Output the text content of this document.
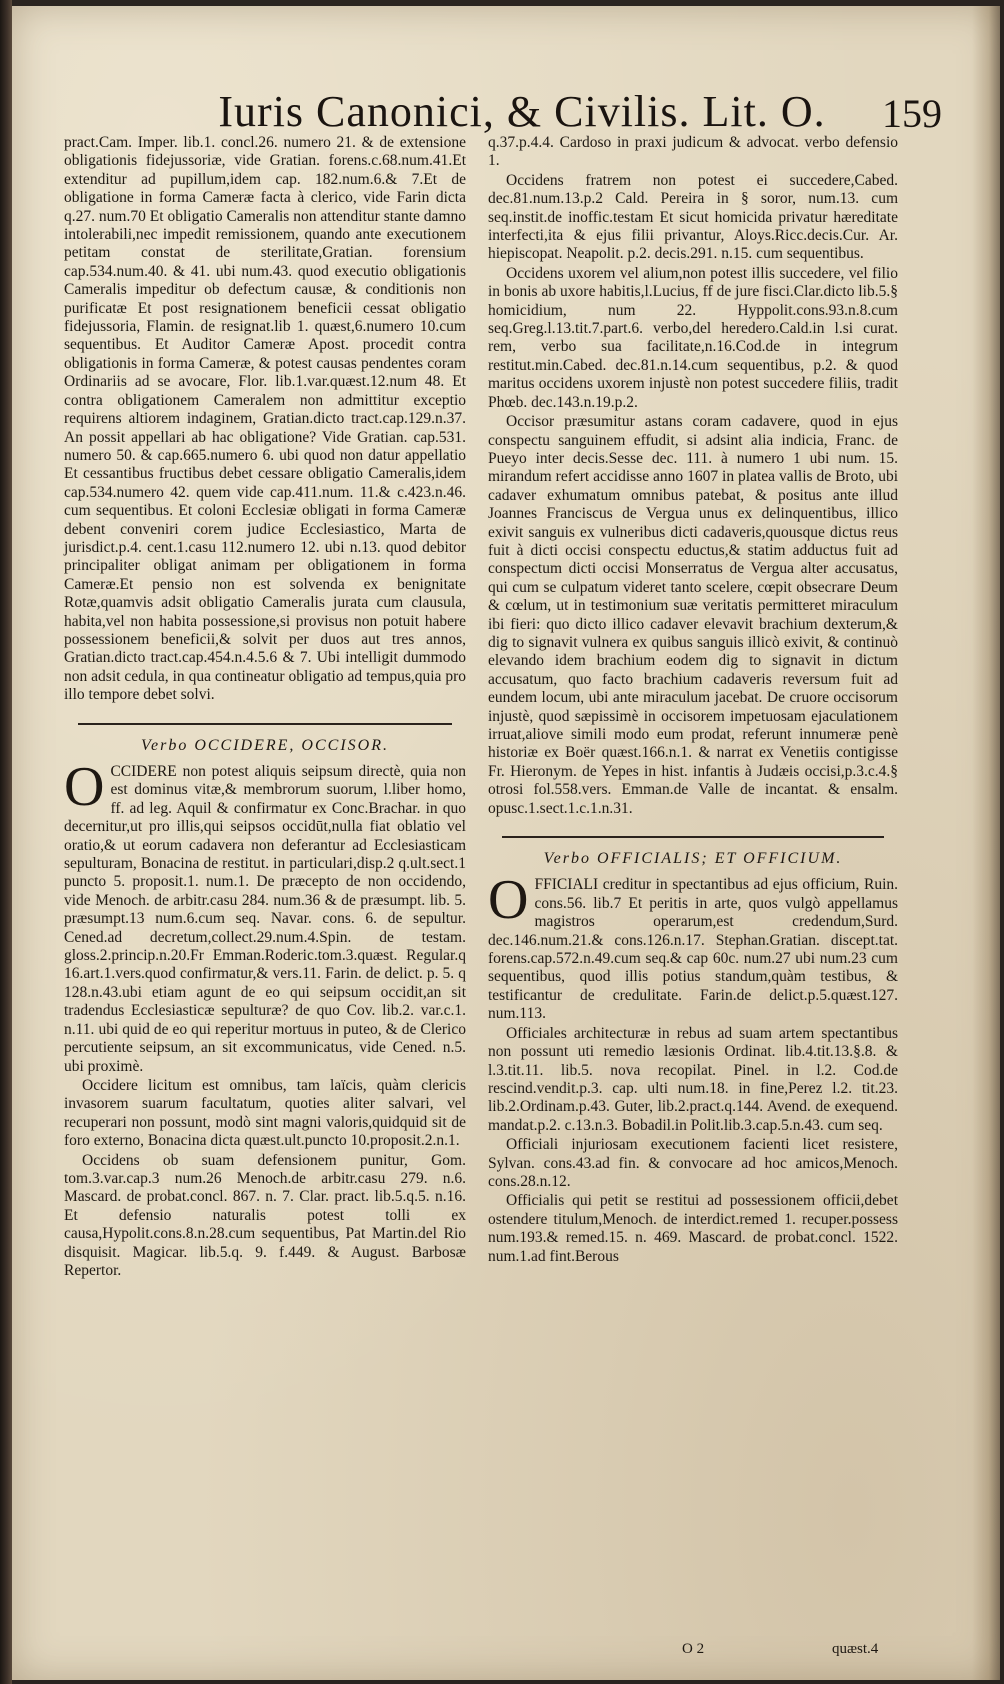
Iuris Canonici, & Civilis. Lit. O.	159

pract.Cam. Imper. lib.1. concl.26. numero 21. & de extensione obligationis fidejussoriæ, vide Gratian. forens.c.68.num.41.Et extenditur ad pupillum,idem cap. 182.num.6.& 7.Et de obligatione in forma Cameræ facta à clerico, vide Farin dicta q.27. num.70 Et obligatio Cameralis non attenditur stante damno intolerabili,nec impedit remissionem, quando ante executionem petitam constat de sterilitate,Gratian. forensium cap.534.num.40. & 41. ubi num.43. quod executio obligationis Cameralis impeditur ob defectum causæ, & conditionis non purificatæ Et post resignationem beneficii cessat obligatio fidejussoria, Flamin. de resignat.lib 1. quæst,6.numero 10.cum sequentibus. Et Auditor Cameræ Apost. procedit contra obligationis in forma Cameræ, & potest causas pendentes coram Ordinariis ad se avocare, Flor. lib.1.var.quæst.12.num 48. Et contra obligationem Cameralem non admittitur exceptio requirens altiorem indaginem, Gratian.dicto tract.cap.129.n.37. An possit appellari ab hac obligatione? Vide Gratian. cap.531. numero 50. & cap.665.numero 6. ubi quod non datur appellatio Et cessantibus fructibus debet cessare obligatio Cameralis,idem cap.534.numero 42. quem vide cap.411.num. 11.& c.423.n.46. cum sequentibus. Et coloni Ecclesiæ obligati in forma Cameræ debent conveniri corem judice Ecclesiastico, Marta de jurisdict.p.4. cent.1.casu 112.numero 12. ubi n.13. quod debitor principaliter obligat animam per obligationem in forma Cameræ.Et pensio non est solvenda ex benignitate Rotæ,quamvis adsit obligatio Cameralis jurata cum clausula, habita,vel non habita possessione,si provisus non potuit habere possessionem beneficii,& solvit per duos aut tres annos, Gratian.dicto tract.cap.454.n.4.5.6 & 7. Ubi intelligit dummodo non adsit cedula, in qua contineatur obligatio ad tempus,quia pro illo tempore debet solvi.

Verbo OCCIDERE, OCCISOR.

O CCIDERE non potest aliquis seipsum directè, quia non est dominus vitæ,& membrorum suorum, l.liber homo, ff. ad leg. Aquil & confirmatur ex Conc.Brachar. in quo decernitur,ut pro illis,qui seipsos occidūt,nulla fiat oblatio vel oratio,& ut eorum cadavera non deferantur ad Ecclesiasticam sepulturam, Bonacina de restitut. in particulari,disp.2 q.ult.sect.1 puncto 5. proposit.1. num.1. De præcepto de non occidendo, vide Menoch. de arbitr.casu 284. num.36 & de præsumpt. lib. 5. præsumpt.13 num.6.cum seq. Navar. cons. 6. de sepultur. Cened.ad decretum,collect.29.num.4.Spin. de testam. gloss.2.princip.n.20.Fr Emman.Roderic.tom.3.quæst. Regular.q 16.art.1.vers.quod confirmatur,& vers.11. Farin. de delict. p. 5. q 128.n.43.ubi etiam agunt de eo qui seipsum occidit,an sit tradendus Ecclesiasticæ sepulturæ? de quo Cov. lib.2. var.c.1. n.11. ubi quid de eo qui reperitur mortuus in puteo, & de Clerico percutiente seipsum, an sit excommunicatus, vide Cened. n.5. ubi proximè.

Occidere licitum est omnibus, tam laïcis, quàm clericis invasorem suarum facultatum, quoties aliter salvari, vel recuperari non possunt, modò sint magni valoris,quidquid sit de foro externo, Bonacina dicta quæst.ult.puncto 10.proposit.2.n.1.

Occidens ob suam defensionem punitur, Gom. tom.3.var.cap.3 num.26 Menoch.de arbitr.casu 279. n.6. Mascard. de probat.concl. 867. n. 7. Clar. pract. lib.5.q.5. n.16. Et defensio naturalis potest tolli ex causa,Hypolit.cons.8.n.28.cum sequentibus, Pat Martin.del Rio disquisit. Magicar. lib.5.q. 9. f.449. & August. Barbosæ Repertor.

q.37.p.4.4. Cardoso in praxi judicum & advocat. verbo defensio 1.

Occidens fratrem non potest ei succedere,Cabed. dec.81.num.13.p.2 Cald. Pereira in § soror, num.13. cum seq.instit.de inoffic.testam Et sicut homicida privatur hæreditate interfecti,ita & ejus filii privantur, Aloys.Ricc.decis.Cur. Ar. hiepiscopat. Neapolit. p.2. decis.291. n.15. cum sequentibus.

Occidens uxorem vel alium,non potest illis succedere, vel filio in bonis ab uxore habitis,l.Lucius, ff de jure fisci.Clar.dicto lib.5.§ homicidium, num 22. Hyppolit.cons.93.n.8.cum seq.Greg.l.13.tit.7.part.6. verbo,del heredero.Cald.in l.si curat. rem, verbo sua facilitate,n.16.Cod.de in integrum restitut.min.Cabed. dec.81.n.14.cum sequentibus, p.2. & quod maritus occidens uxorem injustè non potest succedere filiis, tradit Phœb. dec.143.n.19.p.2.

Occisor præsumitur astans coram cadavere, quod in ejus conspectu sanguinem effudit, si adsint alia indicia, Franc. de Pueyo inter decis.Sesse dec. 111. à numero 1 ubi num. 15. mirandum refert accidisse anno 1607 in platea vallis de Broto, ubi cadaver exhumatum omnibus patebat, & positus ante illud Joannes Franciscus de Vergua unus ex delinquentibus, illico exivit sanguis ex vulneribus dicti cadaveris,quousque dictus reus fuit à dicti occisi conspectu eductus,& statim adductus fuit ad conspectum dicti occisi Monserratus de Vergua alter accusatus, qui cum se culpatum videret tanto scelere, cœpit obsecrare Deum & cœlum, ut in testimonium suæ veritatis permitteret miraculum ibi fieri: quo dicto illico cadaver elevavit brachium dexterum,& dig to signavit vulnera ex quibus sanguis illicò exivit, & continuò elevando idem brachium eodem dig to signavit in dictum accusatum, quo facto brachium cadaveris reversum fuit ad eundem locum, ubi ante miraculum jacebat. De cruore occisorum injustè, quod sæpissimè in occisorem impetuosam ejaculationem irruat,aliove simili modo eum prodat, referunt innumeræ penè historiæ ex Boër quæst.166.n.1. & narrat ex Venetiis contigisse Fr. Hieronym. de Yepes in hist. infantis à Judæis occisi,p.3.c.4.§ otrosi fol.558.vers. Emman.de Valle de incantat. & ensalm. opusc.1.sect.1.c.1.n.31.

Verbo OFFICIALIS; ET OFFICIUM.

O FFICIALI creditur in spectantibus ad ejus officium, Ruin. cons.56. lib.7 Et peritis in arte, quos vulgò appellamus magistros operarum,est credendum,Surd. dec.146.num.21.& cons.126.n.17. Stephan.Gratian. discept.tat. forens.cap.572.n.49.cum seq.& cap 60c. num.27 ubi num.23 cum sequentibus, quod illis potius standum,quàm testibus, & testificantur de credulitate. Farin.de delict.p.5.quæst.127. num.113.

Officiales architecturæ in rebus ad suam artem spectantibus non possunt uti remedio læsionis Ordinat. lib.4.tit.13.§.8. & l.3.tit.11. lib.5. nova recopilat. Pinel. in l.2. Cod.de rescind.vendit.p.3. cap. ulti num.18. in fine,Perez l.2. tit.23. lib.2.Ordinam.p.43. Guter, lib.2.pract.q.144. Avend. de exequend. mandat.p.2. c.13.n.3. Bobadil.in Polit.lib.3.cap.5.n.43. cum seq.

Officiali injuriosam executionem facienti licet resistere, Sylvan. cons.43.ad fin. & convocare ad hoc amicos,Menoch. cons.28.n.12.

Officialis qui petit se restitui ad possessionem officii,debet ostendere titulum,Menoch. de interdict.remed 1. recuper.possess num.193.& remed.15. n. 469. Mascard. de probat.concl. 1522. num.1.ad fint.Berous

O 2	quæst.4
